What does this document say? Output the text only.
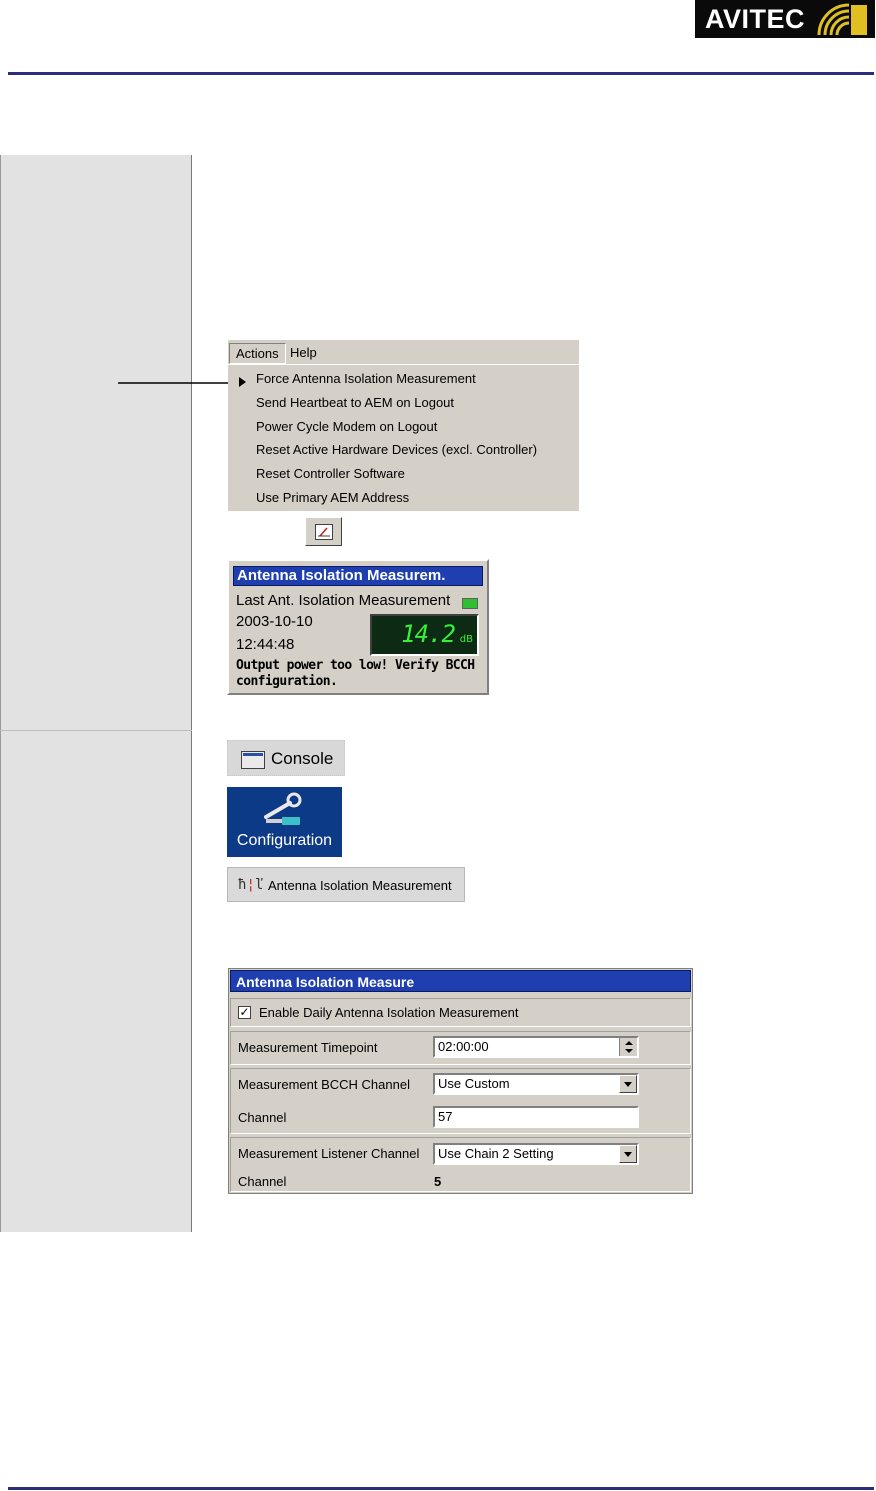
AVITEC
Actions Help
Force Antenna Isolation Measurement
Send Heartbeat to AEM on Logout
Power Cycle Modem on Logout
Reset Active Hardware Devices (excl. Controller)
Reset Controller Software
Use Primary AEM Address
Antenna Isolation Measurem.
Last Ant. Isolation Measurement
2003-10-10
12:44:48	14.2 dB
Output power too low! Verify BCCH configuration.
Console
Configuration
ħ¦ľ Antenna Isolation Measurement
Antenna Isolation Measure
✓ Enable Daily Antenna Isolation Measurement
Measurement Timepoint	02:00:00
Measurement BCCH Channel	Use Custom
Channel	57
Measurement Listener Channel	Use Chain 2 Setting
Channel	5
